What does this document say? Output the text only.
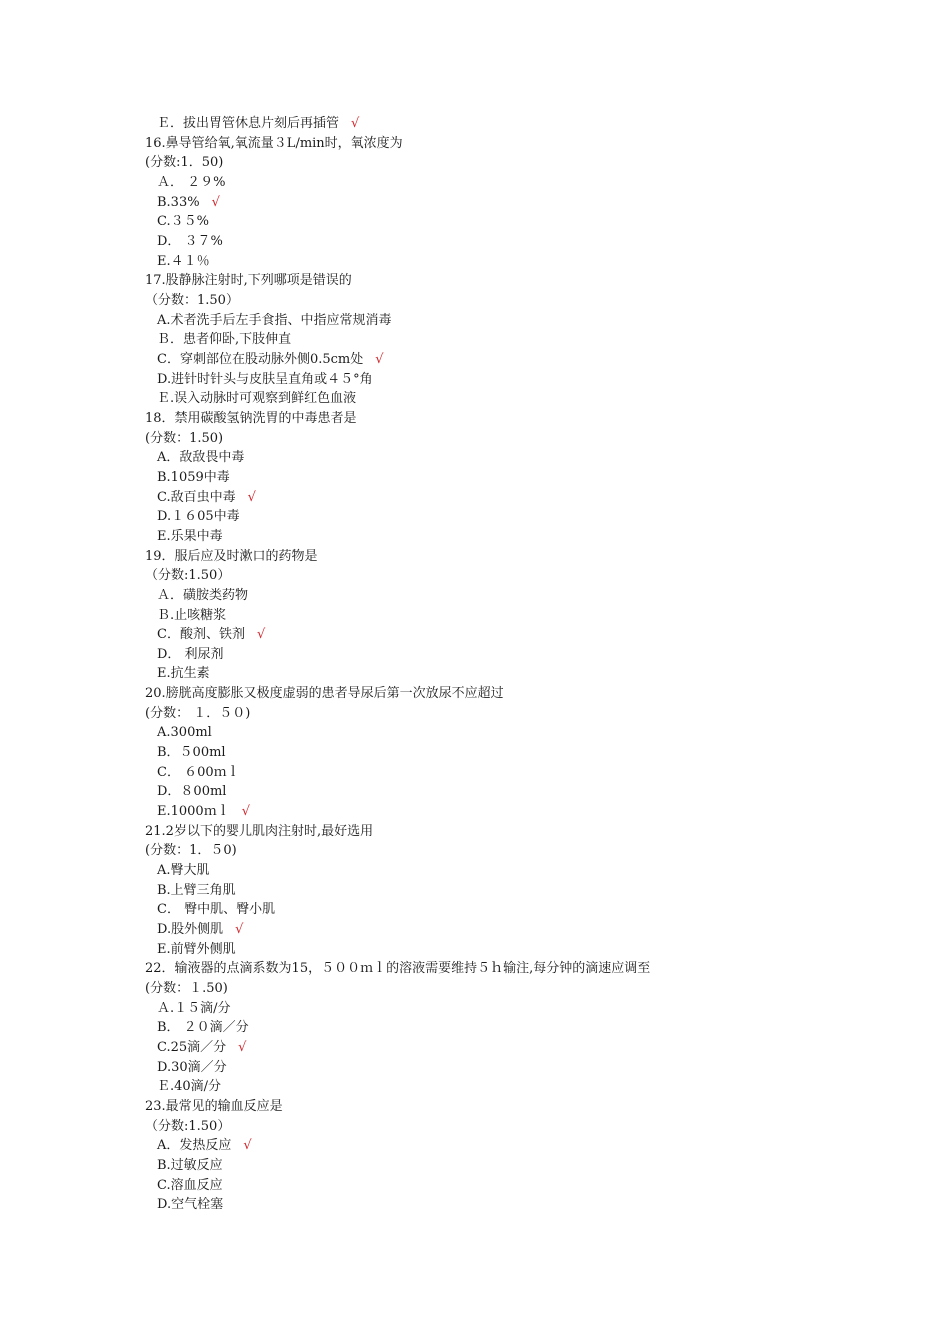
Ｅ．拔出胃管休息片刻后再插管 √
16.鼻导管给氧,氧流量３L/min时，氧浓度为
(分数:1．50)
Ａ． ２９%
B.33% √
C.３５%
D． ３７%
E.４１％
17.股静脉注射时,下列哪项是错误的
（分数：1.50）
A.术者洗手后左手食指、中指应常规消毒
Ｂ．患者仰卧,下肢伸直
C．穿刺部位在股动脉外侧0.5cm处 √
D.进针时针头与皮肤呈直角或４５°角
Ｅ.误入动脉时可观察到鲜红色血液
18．禁用碳酸氢钠洗胃的中毒患者是
(分数：1.50)
A．敌敌畏中毒
B.1059中毒
C.敌百虫中毒 √
D.１６05中毒
E.乐果中毒
19．服后应及时漱口的药物是
（分数:1.50）
Ａ．磺胺类药物
Ｂ.止咳糖浆
C．酸剂、铁剂 √
D． 利尿剂
E.抗生素
20.膀胱高度膨胀又极度虚弱的患者导尿后第一次放尿不应超过
(分数： １．５０)
A.300ml
B．５00ml
C． ６00ｍｌ
D．８00ml
E.1000ｍｌ √
21.2岁以下的婴儿肌肉注射时,最好选用
(分数：1．５0)
A.臀大肌
B.上臂三角肌
C． 臀中肌、臀小肌
D.股外侧肌 √
E.前臂外侧肌
22．输液器的点滴系数为15，５００ｍｌ的溶液需要维持５ｈ输注,每分钟的滴速应调至
(分数：１.50)
Ａ.１５滴/分
B． ２０滴／分
C.25滴／分 √
D.30滴／分
Ｅ.40滴/分
23.最常见的输血反应是
（分数:1.50）
A．发热反应 √
B.过敏反应
C.溶血反应
D.空气栓塞
